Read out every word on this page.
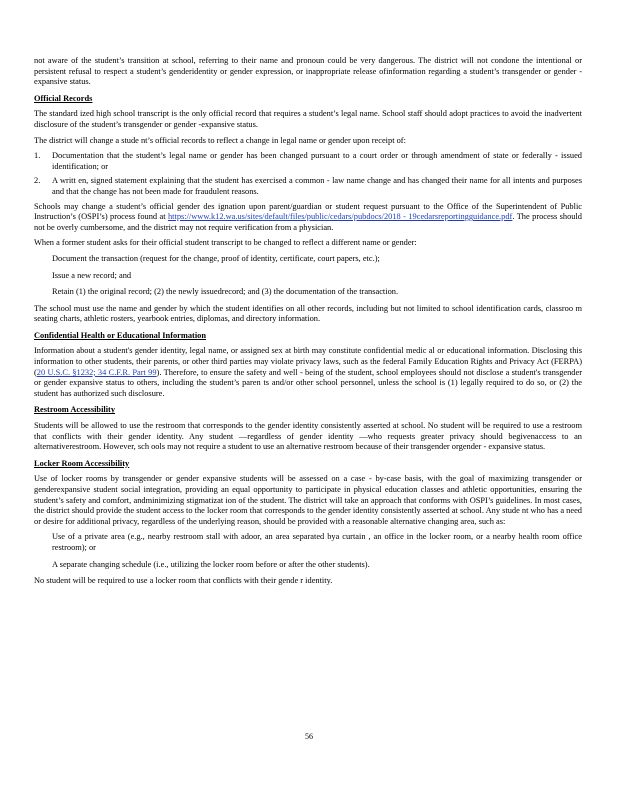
not aware of the student’s transition at school, referring to their name and pronoun could be very dangerous. The district will not condone the intentional or persistent refusal to respect a student’s genderidentity or gender expression, or inappropriate release ofinformation regarding a student’s transgender or gender - expansive status.

Official Records

The standard ized high school transcript is the only official record that requires a student’s legal name. School staff should adopt practices to avoid the inadvertent disclosure of the student’s transgender or gender -expansive status.

The district will change a stude nt’s official records to reflect a change in legal name or gender upon receipt of:

1.	Documentation that the student’s legal name or gender has been changed pursuant to a court order or through amendment of state or federally - issued identification; or
2.	A writt en, signed statement explaining that the student has exercised a common - law name change and has changed their name for all intents and purposes and that the change has not been made for fraudulent reasons.

Schools may change a student’s official gender des ignation upon parent/guardian or student request pursuant to the Office of the Superintendent of Public Instruction’s (OSPI’s) process found at https://www.k12.wa.us/sites/default/files/public/cedars/pubdocs/2018 - 19cedarsreportingguidance.pdf. The process should not be overly cumbersome, and the district may not require verification from a physician.

When a former student asks for their official student transcript to be changed to reflect a different name or gender:

Document the transaction (request for the change, proof of identity, certificate, court papers, etc.);
Issue a new record; and
Retain (1) the original record; (2) the newly issuedrecord; and (3) the documentation of the transaction.

The school must use the name and gender by which the student identifies on all other records, including but not limited to school identification cards, classroo m seating charts, athletic rosters, yearbook entries, diplomas, and directory information.

Confidential Health or Educational Information

Information about a student's gender identity, legal name, or assigned sex at birth may constitute confidential medic al or educational information. Disclosing this information to other students, their parents, or other third parties may violate privacy laws, such as the federal Family Education Rights and Privacy Act (FERPA) (20 U.S.C. §1232; 34 C.F.R. Part 99). Therefore, to ensure the safety and well - being of the student, school employees should not disclose a student's transgender or gender expansive status to others, including the student’s paren ts and/or other school personnel, unless the school is (1) legally required to do so, or (2) the student has authorized such disclosure.

Restroom Accessibility

Students will be allowed to use the restroom that corresponds to the gender identity consistently asserted at school. No student will be required to use a restroom that conflicts with their gender identity. Any student —regardless of gender identity —who requests greater privacy should begivenaccess to an alternativerestroom. However, sch ools may not require a student to use an alternative restroom because of their transgender orgender - expansive status.

Locker Room Accessibility

Use of locker rooms by transgender or gender expansive students will be assessed on a case - by-case basis, with the goal of maximizing transgender or genderexpansive student social integration, providing an equal opportunity to participate in physical education classes and athletic opportunities, ensuring the student’s safety and comfort, andminimizing stigmatizat ion of the student. The district will take an approach that conforms with OSPI’s guidelines. In most cases, the district should provide the student access to the locker room that corresponds to the gender identity consistently asserted at school. Any stude nt who has a need or desire for additional privacy, regardless of the underlying reason, should be provided with a reasonable alternative changing area, such as:

Use of a private area (e.g., nearby restroom stall with adoor, an area separated bya curtain , an office in the locker room, or a nearby health room office restroom); or
A separate changing schedule (i.e., utilizing the locker room before or after the other students).

No student will be required to use a locker room that conflicts with their gende r identity.

56
